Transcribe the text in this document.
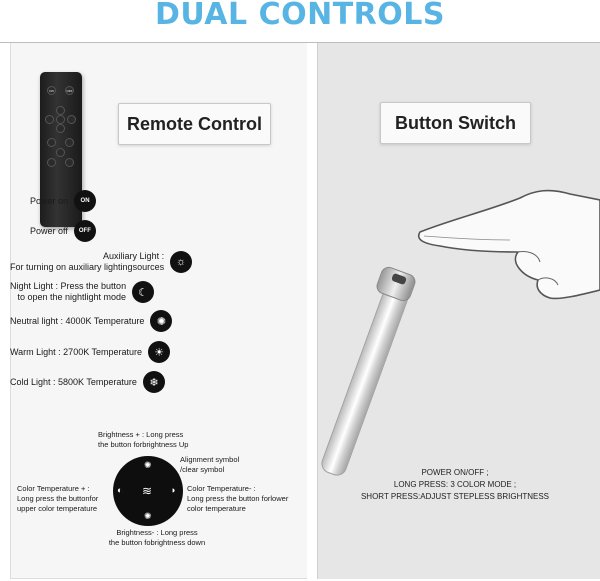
DUAL CONTROLS
Remote Control
ON	OFF
Power on	ON
Power off	OFF
Auxiliary Light :
For turning on auxiliary lightingsources	☼
Night Light : Press the button
to open the nightlight mode	☾
Neutral light : 4000K Temperature	✺
Warm Light : 2700K Temperature	☀
Cold Light : 5800K Temperature	❄
Brightness + : Long press
the button forbrightness Up
Alignment symbol
/clear symbol
Color Temperature + :
Long press the buttonfor
upper color temperature
Color Temperature- :
Long press the button forlower
color temperature
Brightness- : Long press
the button fobrightness down
✺
✺
◐	◑
≋
Button Switch
POWER ON/OFF ;
LONG PRESS: 3 COLOR MODE ;
SHORT PRESS:ADJUST STEPLESS BRIGHTNESS
